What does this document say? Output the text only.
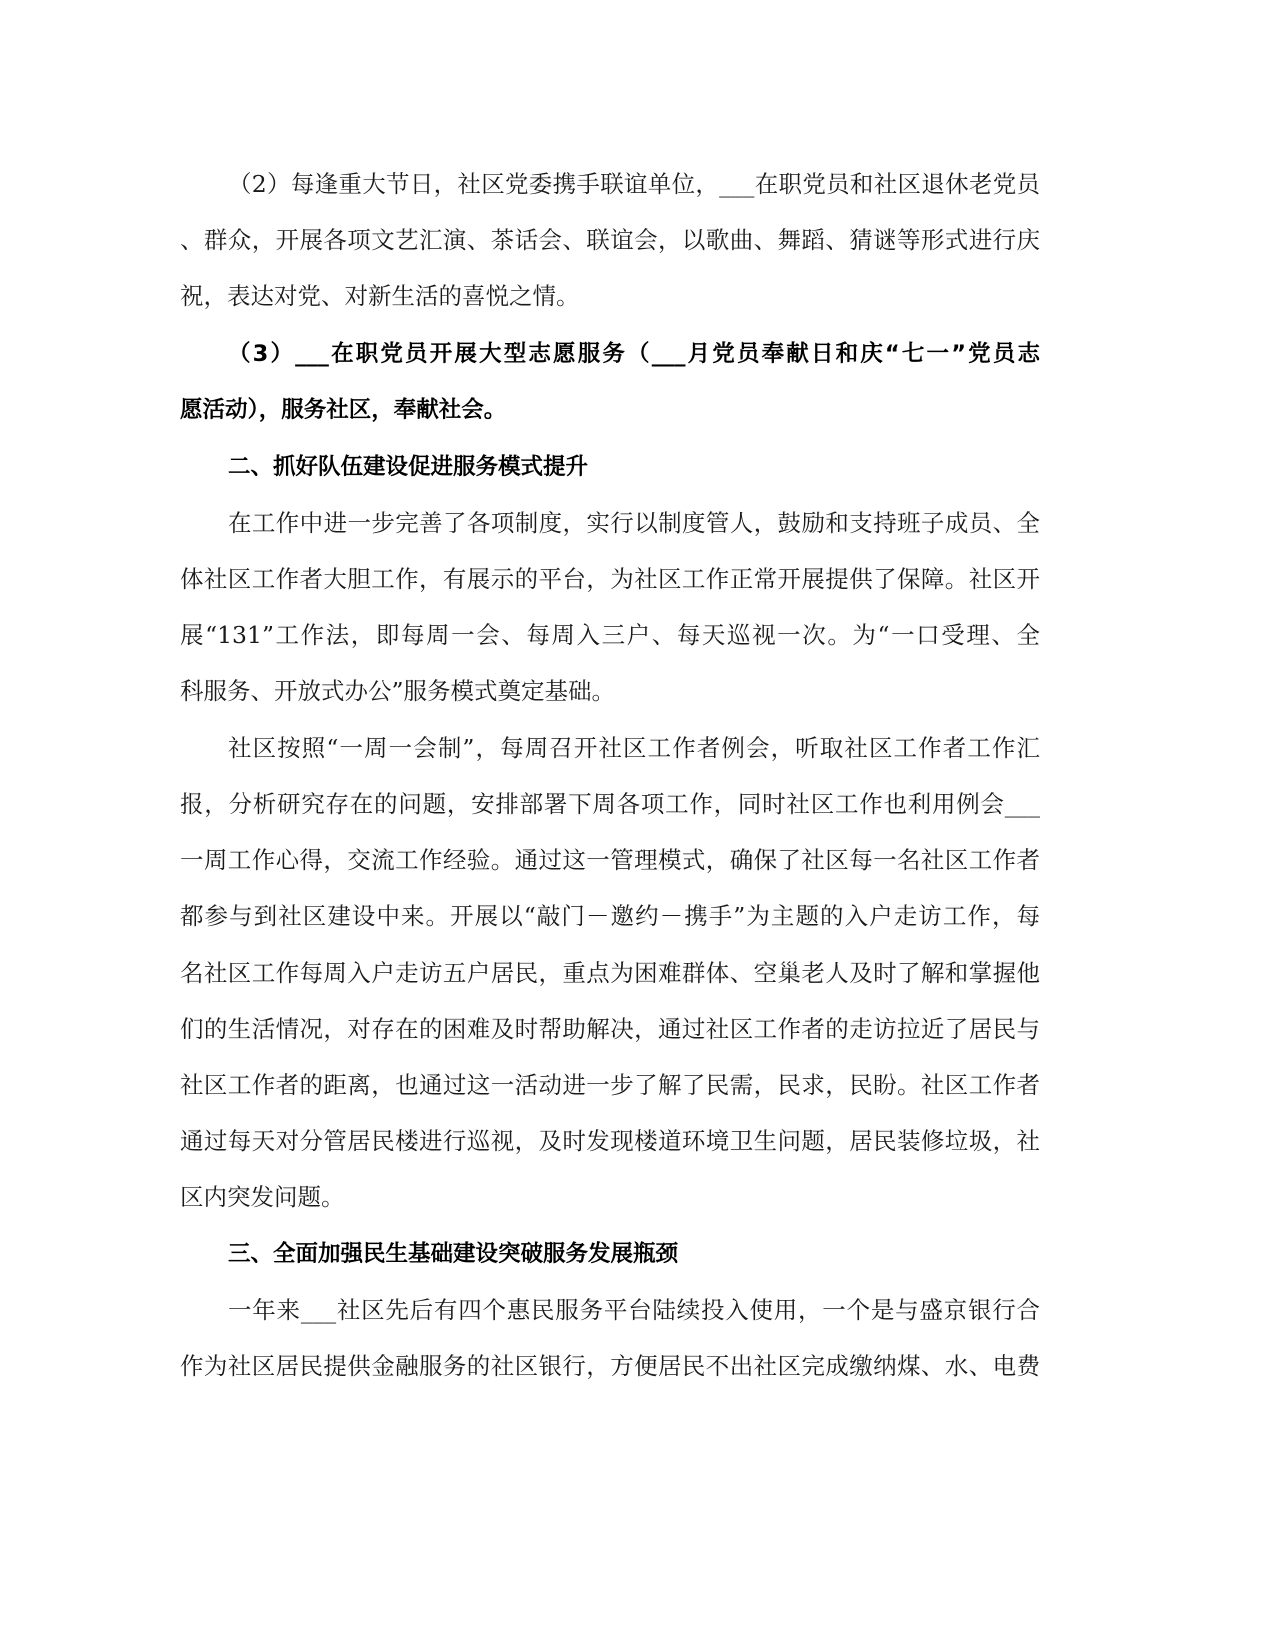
（2）每逢重大节日，社区党委携手联谊单位，___在职党员和社区退休老党员
、群众，开展各项文艺汇演、茶话会、联谊会，以歌曲、舞蹈、猜谜等形式进行庆
祝，表达对党、对新生活的喜悦之情。
（3）___在职党员开展大型志愿服务（___月党员奉献日和庆“七一”党员志
愿活动），服务社区，奉献社会。
二、抓好队伍建设促进服务模式提升
在工作中进一步完善了各项制度，实行以制度管人，鼓励和支持班子成员、全
体社区工作者大胆工作，有展示的平台，为社区工作正常开展提供了保障。社区开
展“131”工作法，即每周一会、每周入三户、每天巡视一次。为“一口受理、全
科服务、开放式办公”服务模式奠定基础。
社区按照“一周一会制”，每周召开社区工作者例会，听取社区工作者工作汇
报，分析研究存在的问题，安排部署下周各项工作，同时社区工作也利用例会___
一周工作心得，交流工作经验。通过这一管理模式，确保了社区每一名社区工作者
都参与到社区建设中来。开展以“敲门－邀约－携手”为主题的入户走访工作，每
名社区工作每周入户走访五户居民，重点为困难群体、空巢老人及时了解和掌握他
们的生活情况，对存在的困难及时帮助解决，通过社区工作者的走访拉近了居民与
社区工作者的距离，也通过这一活动进一步了解了民需，民求，民盼。社区工作者
通过每天对分管居民楼进行巡视，及时发现楼道环境卫生问题，居民装修垃圾，社
区内突发问题。
三、全面加强民生基础建设突破服务发展瓶颈
一年来___社区先后有四个惠民服务平台陆续投入使用，一个是与盛京银行合
作为社区居民提供金融服务的社区银行，方便居民不出社区完成缴纳煤、水、电费
